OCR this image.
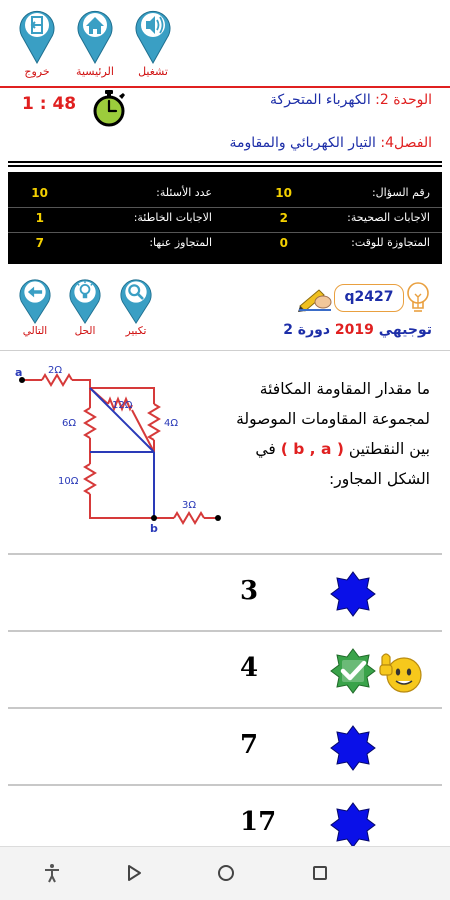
تشغيل
الرئيسية
خروج
الوحدة 2: الكهرباء المتحركة
1 : 48
الفصل4: التيار الكهربائي والمقاومة
رقم السؤال:
10
عدد الأسئلة:
10
الاجابات الصحيحة:
2
الاجابات الخاطئة:
1
المتجاوزة للوقت:
0
المتجاوز عنها:
7
تكبير
الحل
التالي
q2427
توجيهي 2019 دورة 2
ما مقدار المقاومة المكافئة لمجموعة المقاومات الموصولة بين النقطتين ( b , a ) في الشكل المجاور:
a
b
2Ω
12Ω
6Ω	4Ω
10Ω
3Ω
3
4
7
17
